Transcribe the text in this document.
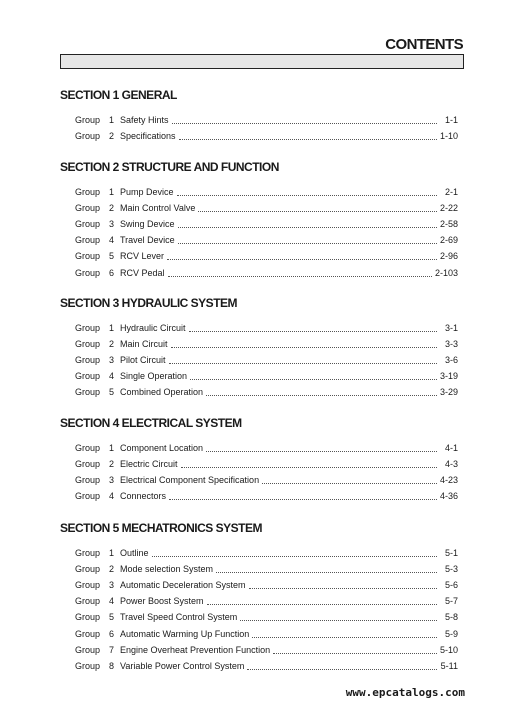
CONTENTS
SECTION 1 GENERAL
Group 1 Safety Hints	1-1
Group 2 Specifications	1-10
SECTION 2 STRUCTURE AND FUNCTION
Group 1 Pump Device	2-1
Group 2 Main Control Valve	2-22
Group 3 Swing Device	2-58
Group 4 Travel Device	2-69
Group 5 RCV Lever	2-96
Group 6 RCV Pedal	2-103
SECTION 3 HYDRAULIC SYSTEM
Group 1 Hydraulic Circuit	3-1
Group 2 Main Circuit	3-3
Group 3 Pilot Circuit	3-6
Group 4 Single Operation	3-19
Group 5 Combined Operation	3-29
SECTION 4 ELECTRICAL SYSTEM
Group 1 Component Location	4-1
Group 2 Electric Circuit	4-3
Group 3 Electrical Component Specification	4-23
Group 4 Connectors	4-36
SECTION 5 MECHATRONICS SYSTEM
Group 1 Outline	5-1
Group 2 Mode selection System	5-3
Group 3 Automatic Deceleration System	5-6
Group 4 Power Boost System	5-7
Group 5 Travel Speed Control System	5-8
Group 6 Automatic Warming Up Function	5-9
Group 7 Engine Overheat Prevention Function	5-10
Group 8 Variable Power Control System	5-11
www.epcatalogs.com
